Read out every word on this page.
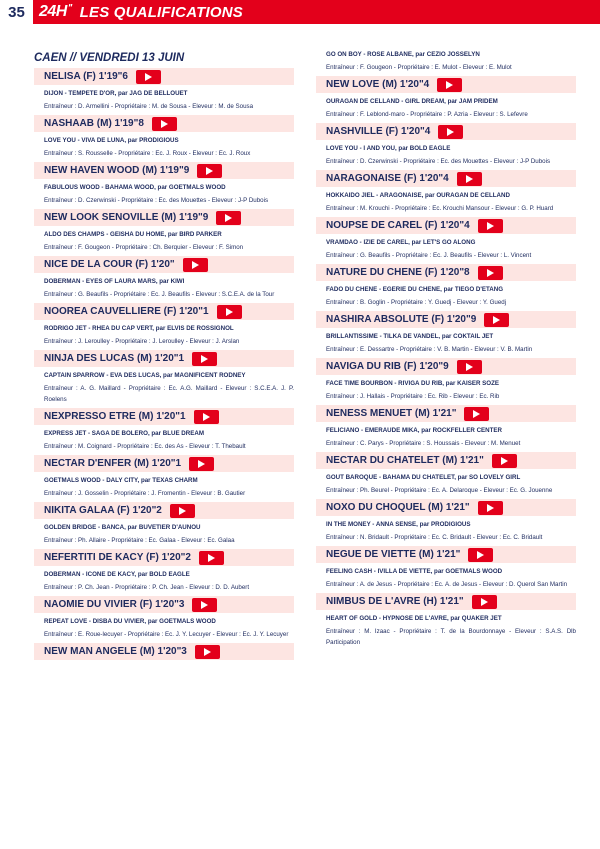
35 24H'' LES QUALIFICATIONS
CAEN // VENDREDI 13 JUIN
NELISA (F) 1'19"6
DIJON - TEMPETE D'OR, par JAG DE BELLOUET
Entraîneur : D. Armellini - Propriétaire : M. de Sousa - Eleveur : M. de Sousa
NASHAAB (M) 1'19"8
LOVE YOU - VIVA DE LUNA, par PRODIGIOUS
Entraîneur : S. Rousselle - Propriétaire : Ec. J. Roux - Eleveur : Ec. J. Roux
NEW HAVEN WOOD (M) 1'19"9
FABULOUS WOOD - BAHAMA WOOD, par GOETMALS WOOD
Entraîneur : D. Czerwinski - Propriétaire : Ec. des Mouettes - Eleveur : J-P Dubois
NEW LOOK SENOVILLE (M) 1'19"9
ALDO DES CHAMPS - GEISHA DU HOME, par BIRD PARKER
Entraîneur : F. Gougeon - Propriétaire : Ch. Berquier - Eleveur : F. Simon
NICE DE LA COUR (F) 1'20"
DOBERMAN - EYES OF LAURA MARS, par KIWI
Entraîneur : G. Beaufils - Propriétaire : Ec. J. Beaufils - Eleveur : S.C.E.A. de la Tour
NOOREA CAUVELLIERE (F) 1'20"1
RODRIGO JET - RHEA DU CAP VERT, par ELVIS DE ROSSIGNOL
Entraîneur : J. Leroulley - Propriétaire : J. Leroulley - Eleveur : J. Arslan
NINJA DES LUCAS (M) 1'20"1
CAPTAIN SPARROW - EVA DES LUCAS, par MAGNIFICENT RODNEY
Entraîneur : A. G. Maillard - Propriétaire : Ec. A.G. Maillard - Eleveur : S.C.E.A. J. P. Roelens
NEXPRESSO ETRE (M) 1'20"1
EXPRESS JET - SAGA DE BOLERO, par BLUE DREAM
Entraîneur : M. Coignard - Propriétaire : Ec. des As - Eleveur : T. Thebault
NECTAR D'ENFER (M) 1'20"1
GOETMALS WOOD - DALY CITY, par TEXAS CHARM
Entraîneur : J. Gosselin - Propriétaire : J. Fromentin - Eleveur : B. Gautier
NIKITA GALAA (F) 1'20"2
GOLDEN BRIDGE - BANCA, par BUVETIER D'AUNOU
Entraîneur : Ph. Allaire - Propriétaire : Ec. Galaa - Eleveur : Ec. Galaa
NEFERTITI DE KACY (F) 1'20"2
DOBERMAN - ICONE DE KACY, par BOLD EAGLE
Entraîneur : P. Ch. Jean - Propriétaire : P. Ch. Jean - Eleveur : D. D. Aubert
NAOMIE DU VIVIER (F) 1'20"3
REPEAT LOVE - DISBA DU VIVIER, par GOETMALS WOOD
Entraîneur : E. Roue-lecuyer - Propriétaire : Ec. J. Y. Lecuyer - Eleveur : Ec. J. Y. Lecuyer
NEW MAN ANGELE (M) 1'20"3
GO ON BOY - ROSE ALBANE, par CEZIO JOSSELYN
Entraîneur : F. Gougeon - Propriétaire : E. Mulot - Eleveur : E. Mulot
NEW LOVE (M) 1'20"4
OURAGAN DE CELLAND - GIRL DREAM, par JAM PRIDEM
Entraîneur : F. Leblond-maro - Propriétaire : P. Azria - Eleveur : S. Lefevre
NASHVILLE (F) 1'20"4
LOVE YOU - I AND YOU, par BOLD EAGLE
Entraîneur : D. Czerwinski - Propriétaire : Ec. des Mouettes - Eleveur : J-P Dubois
NARAGONAISE (F) 1'20"4
HOKKAIDO JIEL - ARAGONAISE, par OURAGAN DE CELLAND
Entraîneur : M. Krouchi - Propriétaire : Ec. Krouchi Mansour - Eleveur : G. P. Huard
NOUPSE DE CAREL (F) 1'20"4
VRAMDAO - IZIE DE CAREL, par LET'S GO ALONG
Entraîneur : G. Beaufils - Propriétaire : Ec. J. Beaufils - Eleveur : L. Vincent
NATURE DU CHENE (F) 1'20"8
FADO DU CHENE - EGERIE DU CHENE, par TIEGO D'ETANG
Entraîneur : B. Goglin - Propriétaire : Y. Guedj - Eleveur : Y. Guedj
NASHIRA ABSOLUTE (F) 1'20"9
BRILLANTISSIME - TILKA DE VANDEL, par COKTAIL JET
Entraîneur : E. Dessartre - Propriétaire : V. B. Martin - Eleveur : V. B. Martin
NAVIGA DU RIB (F) 1'20"9
FACE TIME BOURBON - RIVIGA DU RIB, par KAISER SOZE
Entraîneur : J. Hallais - Propriétaire : Ec. Rib - Eleveur : Ec. Rib
NENESS MENUET (M) 1'21"
FELICIANO - EMERAUDE MIKA, par ROCKFELLER CENTER
Entraîneur : C. Parys - Propriétaire : S. Houssais - Eleveur : M. Menuet
NECTAR DU CHATELET (M) 1'21"
GOUT BAROQUE - BAHAMA DU CHATELET, par SO LOVELY GIRL
Entraîneur : Ph. Beurel - Propriétaire : Ec. A. Delaroque - Eleveur : Ec. G. Jouenne
NOXO DU CHOQUEL (M) 1'21"
IN THE MONEY - ANNA SENSE, par PRODIGIOUS
Entraîneur : N. Bridault - Propriétaire : Ec. C. Bridault - Eleveur : Ec. C. Bridault
NEGUE DE VIETTE (M) 1'21"
FEELING CASH - IVILLA DE VIETTE, par GOETMALS WOOD
Entraîneur : A. de Jesus - Propriétaire : Ec. A. de Jesus - Eleveur : D. Querol San Martin
NIMBUS DE L'AVRE (H) 1'21"
HEART OF GOLD - HYPNOSE DE L'AVRE, par QUAKER JET
Entraîneur : M. Izaac - Propriétaire : T. de la Bourdonnaye - Eleveur : S.A.S. Dlb Participation
